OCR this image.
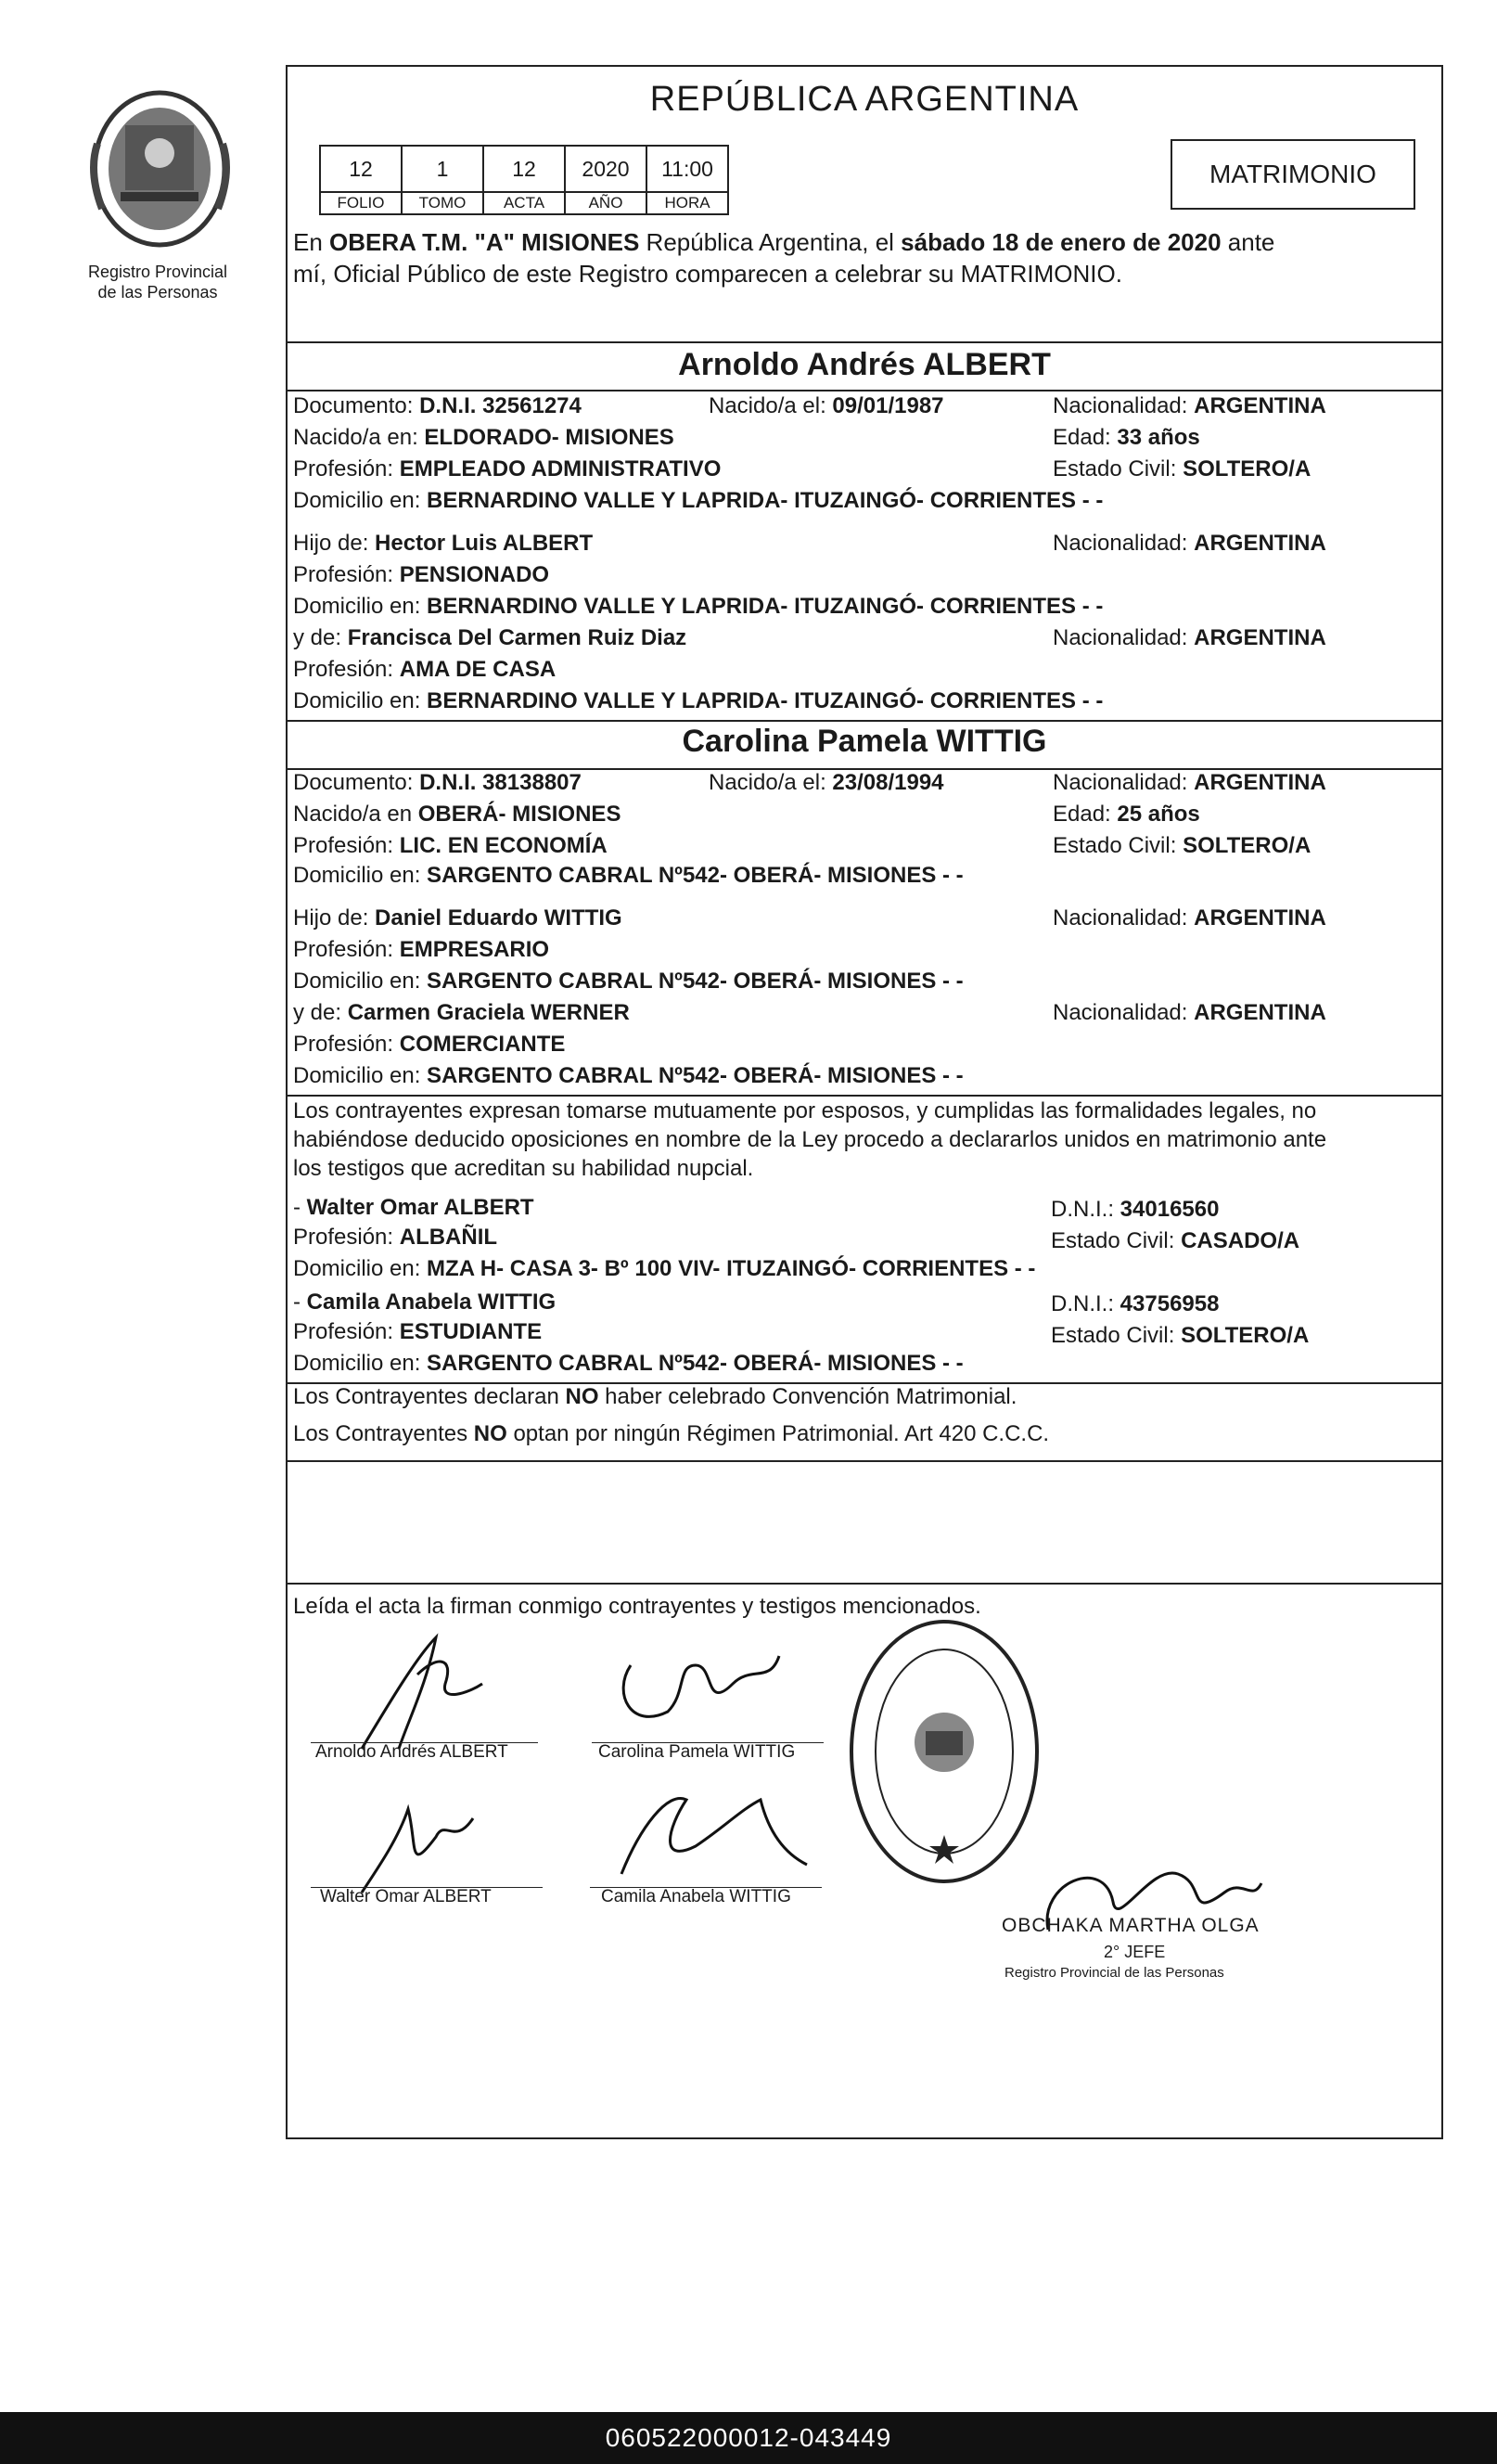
Registro Provincial
de las Personas
REPÚBLICA ARGENTINA
12	1	12	2020	11:00
FOLIO	TOMO	ACTA	AÑO	HORA
MATRIMONIO
En OBERA T.M. "A" MISIONES República Argentina, el sábado 18 de enero de 2020 ante
mí, Oficial Público de este Registro comparecen a celebrar su MATRIMONIO.
Arnoldo Andrés ALBERT
Documento: D.N.I. 32561274	Nacido/a el: 09/01/1987	Nacionalidad: ARGENTINA
Nacido/a en: ELDORADO- MISIONES	Edad: 33 años
Profesión: EMPLEADO ADMINISTRATIVO	Estado Civil: SOLTERO/A
Domicilio en: BERNARDINO VALLE Y LAPRIDA- ITUZAINGÓ- CORRIENTES - -
Hijo de: Hector Luis ALBERT	Nacionalidad: ARGENTINA
Profesión: PENSIONADO
Domicilio en: BERNARDINO VALLE Y LAPRIDA- ITUZAINGÓ- CORRIENTES - -
y de: Francisca Del Carmen Ruiz Diaz	Nacionalidad: ARGENTINA
Profesión: AMA DE CASA
Domicilio en: BERNARDINO VALLE Y LAPRIDA- ITUZAINGÓ- CORRIENTES - -
Carolina Pamela WITTIG
Documento: D.N.I. 38138807	Nacido/a el: 23/08/1994	Nacionalidad: ARGENTINA
Nacido/a en OBERÁ- MISIONES	Edad: 25 años
Profesión: LIC. EN ECONOMÍA	Estado Civil: SOLTERO/A
Domicilio en: SARGENTO CABRAL Nº542- OBERÁ- MISIONES - -
Hijo de: Daniel Eduardo WITTIG	Nacionalidad: ARGENTINA
Profesión: EMPRESARIO
Domicilio en: SARGENTO CABRAL Nº542- OBERÁ- MISIONES - -
y de: Carmen Graciela WERNER	Nacionalidad: ARGENTINA
Profesión: COMERCIANTE
Domicilio en: SARGENTO CABRAL Nº542- OBERÁ- MISIONES - -
Los contrayentes expresan tomarse mutuamente por esposos, y cumplidas las formalidades legales, no
habiéndose deducido oposiciones en nombre de la Ley procedo a declararlos unidos en matrimonio ante
los testigos que acreditan su habilidad nupcial.
- Walter Omar ALBERT	D.N.I.: 34016560
Profesión: ALBAÑIL	Estado Civil: CASADO/A
Domicilio en: MZA H- CASA 3- Bº 100 VIV- ITUZAINGÓ- CORRIENTES - -
- Camila Anabela WITTIG	D.N.I.: 43756958
Profesión: ESTUDIANTE	Estado Civil: SOLTERO/A
Domicilio en: SARGENTO CABRAL Nº542- OBERÁ- MISIONES - -
Los Contrayentes declaran NO haber celebrado Convención Matrimonial.
Los Contrayentes NO optan por ningún Régimen Patrimonial. Art 420 C.C.C.
Leída el acta la firman conmigo contrayentes y testigos mencionados.
Arnoldo Andrés ALBERT	Carolina Pamela WITTIG
Walter Omar ALBERT	Camila Anabela WITTIG
OBCHAKA MARTHA OLGA
2° JEFE
Registro Provincial de las Personas
060522000012-043449
